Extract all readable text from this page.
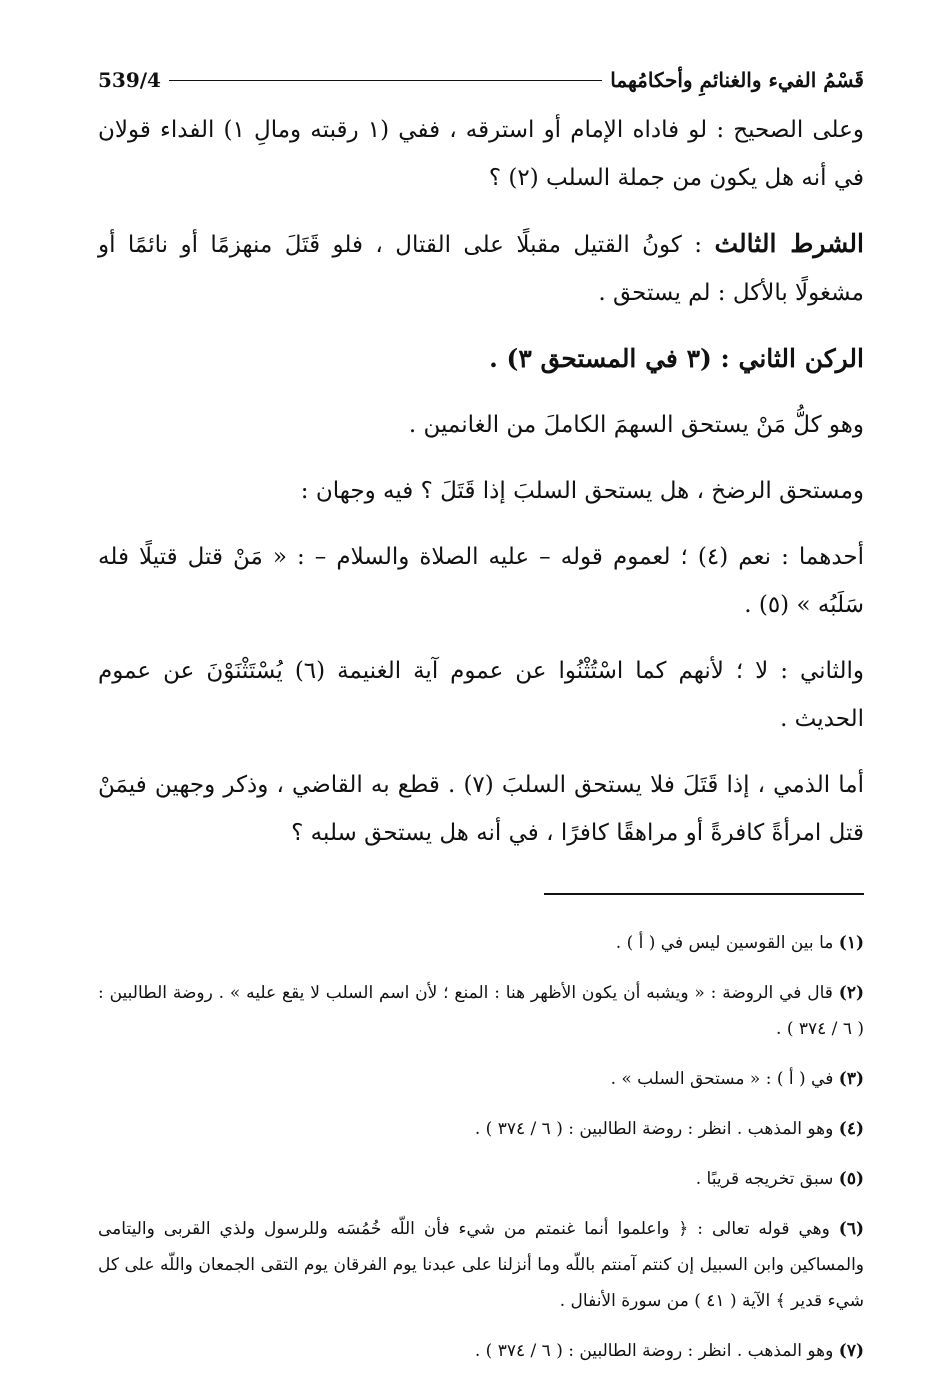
قَسْمُ الفيء والغنائمِ وأحكامُهما
539/4

وعلى الصحيح : لو فاداه الإمام أو استرقه ، ففي (١ رقبته ومالِ ١) الفداء قولان في أنه هل يكون من جملة السلب (٢) ؟

الشرط الثالث : كونُ القتيل مقبلًا على القتال ، فلو قَتَلَ منهزمًا أو نائمًا أو مشغولًا بالأكل : لم يستحق .

الركن الثاني : (٣ في المستحق ٣) .

وهو كلُّ مَنْ يستحق السهمَ الكاملَ من الغانمين .

ومستحق الرضخ ، هل يستحق السلبَ إذا قَتَلَ ؟ فيه وجهان :

أحدهما : نعم (٤) ؛ لعموم قوله – عليه الصلاة والسلام – : « مَنْ قتل قتيلًا فله سَلَبُه » (٥) .

والثاني : لا ؛ لأنهم كما اسْتُثْنُوا عن عموم آية الغنيمة (٦) يُسْتَثْنَوْنَ عن عموم الحديث .

أما الذمي ، إذا قَتَلَ فلا يستحق السلبَ (٧) . قطع به القاضي ، وذكر وجهين فيمَنْ قتل امرأةً كافرةً أو مراهقًا كافرًا ، في أنه هل يستحق سلبه ؟

(١) ما بين القوسين ليس في ( أ ) .

(٢) قال في الروضة : « ويشبه أن يكون الأظهر هنا : المنع ؛ لأن اسم السلب لا يقع عليه » . روضة الطالبين : ( ٦ / ٣٧٤ ) .

(٣) في ( أ ) : « مستحق السلب » .

(٤) وهو المذهب . انظر : روضة الطالبين : ( ٦ / ٣٧٤ ) .

(٥) سبق تخريجه قريبًا .

(٦) وهي قوله تعالى : ﴿ واعلموا أنما غنمتم من شيء فأن اللّه خُمُسَه وللرسول ولذي القربى واليتامى والمساكين وابن السبيل إن كنتم آمنتم باللّه وما أنزلنا على عبدنا يوم الفرقان يوم التقى الجمعان واللّه على كل شيء قدير ﴾ الآية ( ٤١ ) من سورة الأنفال .

(٧) وهو المذهب . انظر : روضة الطالبين : ( ٦ / ٣٧٤ ) .
